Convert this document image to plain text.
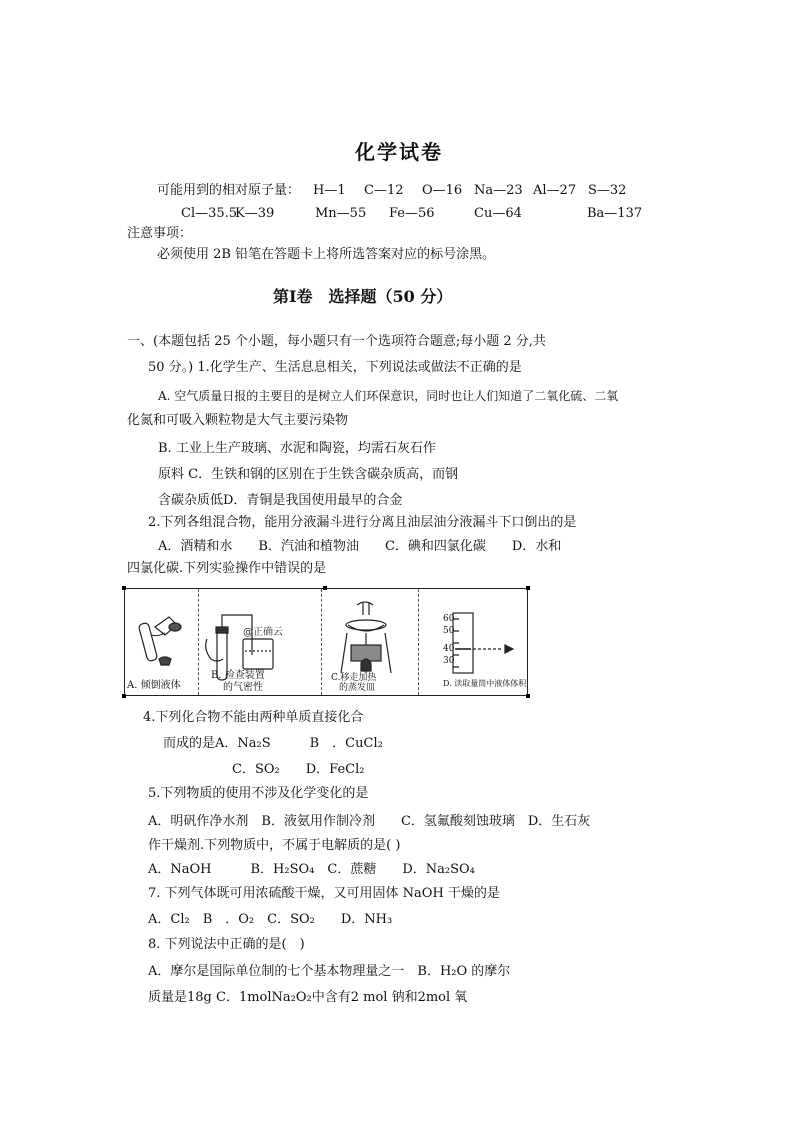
化学试卷
可能用到的相对原子量： H—1 C—12 O—16 Na—23 Al—27 S—32
Cl—35.5
K—39	Mn—55 Fe—56	Cu—64	Ba—137
注意事项：
必须使用 2B 铅笔在答题卡上将所选答案对应的标号涂黑。
第Ⅰ卷　选择题（50 分）
一、(本题包括 25 个小题，每小题只有一个选项符合题意;每小题 2 分,共
50 分。) 1.化学生产、生活息息相关，下列说法或做法不正确的是
A. 空气质量日报的主要目的是树立人们环保意识，同时也让人们知道了二氧化硫、二氧
化氮和可吸入颗粒物是大气主要污染物
B. 工业上生产玻璃、水泥和陶瓷，均需石灰石作
原料 C．生铁和钢的区别在于生铁含碳杂质高，而钢
含碳杂质低D．青铜是我国使用最早的合金
2.下列各组混合物，能用分液漏斗进行分离且油层油分液漏斗下口倒出的是
A．酒精和水　　B．汽油和植物油　　C．碘和四氯化碳　　D．水和
四氯化碳.下列实验操作中错误的是
@正确云
60
50
40
30
A. 倾倒液体
B. 检查装置
的气密性
C.移走加热
的蒸发皿	D. 读取量筒中液体体积
4.下列化合物不能由两种单质直接化合
而成的是A．Na₂S　　　B　．CuCl₂
C．SO₂　　D．FeCl₂
5.下列物质的使用不涉及化学变化的是
A．明矾作净水剂　B．液氨用作制冷剂　　C．氢氟酸刻蚀玻璃　D．生石灰
作干燥剂.下列物质中，不属于电解质的是( )
A．NaOH　　　B．H₂SO₄　C．蔗糖　　D．Na₂SO₄
7. 下列气体既可用浓硫酸干燥，又可用固体 NaOH 干燥的是
A．Cl₂　B　．O₂　C．SO₂　　D．NH₃
8. 下列说法中正确的是(　)
A．摩尔是国际单位制的七个基本物理量之一　B．H₂O 的摩尔
质量是18g C．1molNa₂O₂中含有2 mol 钠和2mol 氧
